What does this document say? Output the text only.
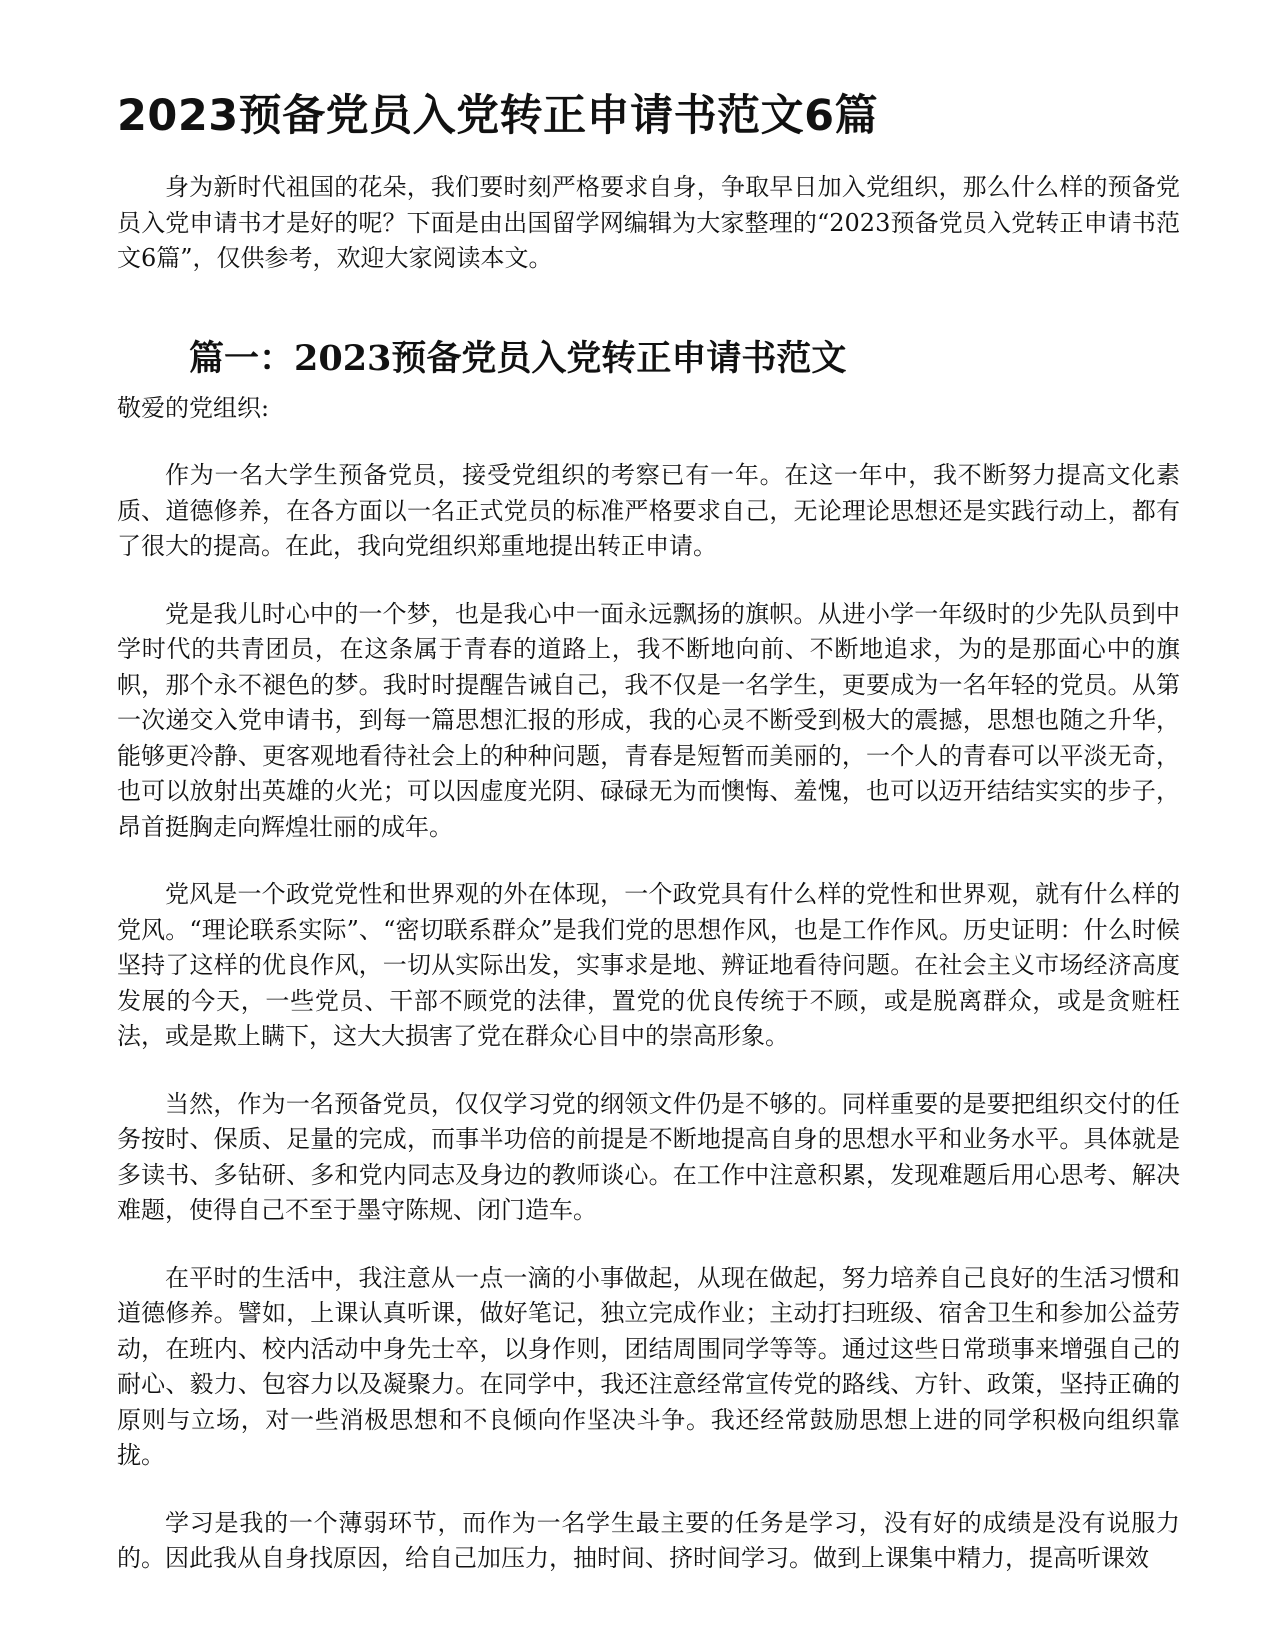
2023预备党员入党转正申请书范文6篇

身为新时代祖国的花朵，我们要时刻严格要求自身，争取早日加入党组织，那么什么样的预备党员入党申请书才是好的呢？下面是由出国留学网编辑为大家整理的“2023预备党员入党转正申请书范文6篇”，仅供参考，欢迎大家阅读本文。

篇一：2023预备党员入党转正申请书范文

敬爱的党组织:

作为一名大学生预备党员，接受党组织的考察已有一年。在这一年中，我不断努力提高文化素质、道德修养，在各方面以一名正式党员的标准严格要求自己，无论理论思想还是实践行动上，都有了很大的提高。在此，我向党组织郑重地提出转正申请。

党是我儿时心中的一个梦，也是我心中一面永远飘扬的旗帜。从进小学一年级时的少先队员到中学时代的共青团员，在这条属于青春的道路上，我不断地向前、不断地追求，为的是那面心中的旗帜，那个永不褪色的梦。我时时提醒告诫自己，我不仅是一名学生，更要成为一名年轻的党员。从第一次递交入党申请书，到每一篇思想汇报的形成，我的心灵不断受到极大的震撼，思想也随之升华，能够更冷静、更客观地看待社会上的种种问题，青春是短暂而美丽的，一个人的青春可以平淡无奇，也可以放射出英雄的火光；可以因虚度光阴、碌碌无为而懊悔、羞愧，也可以迈开结结实实的步子，昂首挺胸走向辉煌壮丽的成年。

党风是一个政党党性和世界观的外在体现，一个政党具有什么样的党性和世界观，就有什么样的党风。“理论联系实际”、“密切联系群众”是我们党的思想作风，也是工作作风。历史证明：什么时候坚持了这样的优良作风，一切从实际出发，实事求是地、辨证地看待问题。在社会主义市场经济高度发展的今天，一些党员、干部不顾党的法律，置党的优良传统于不顾，或是脱离群众，或是贪赃枉法，或是欺上瞒下，这大大损害了党在群众心目中的崇高形象。

当然，作为一名预备党员，仅仅学习党的纲领文件仍是不够的。同样重要的是要把组织交付的任务按时、保质、足量的完成，而事半功倍的前提是不断地提高自身的思想水平和业务水平。具体就是多读书、多钻研、多和党内同志及身边的教师谈心。在工作中注意积累，发现难题后用心思考、解决难题，使得自己不至于墨守陈规、闭门造车。

在平时的生活中，我注意从一点一滴的小事做起，从现在做起，努力培养自己良好的生活习惯和道德修养。譬如，上课认真听课，做好笔记，独立完成作业；主动打扫班级、宿舍卫生和参加公益劳动，在班内、校内活动中身先士卒，以身作则，团结周围同学等等。通过这些日常琐事来增强自己的耐心、毅力、包容力以及凝聚力。在同学中，我还注意经常宣传党的路线、方针、政策，坚持正确的原则与立场，对一些消极思想和不良倾向作坚决斗争。我还经常鼓励思想上进的同学积极向组织靠拢。

学习是我的一个薄弱环节，而作为一名学生最主要的任务是学习，没有好的成绩是没有说服力的。因此我从自身找原因，给自己加压力，抽时间、挤时间学习。做到上课集中精力，提高听课效
